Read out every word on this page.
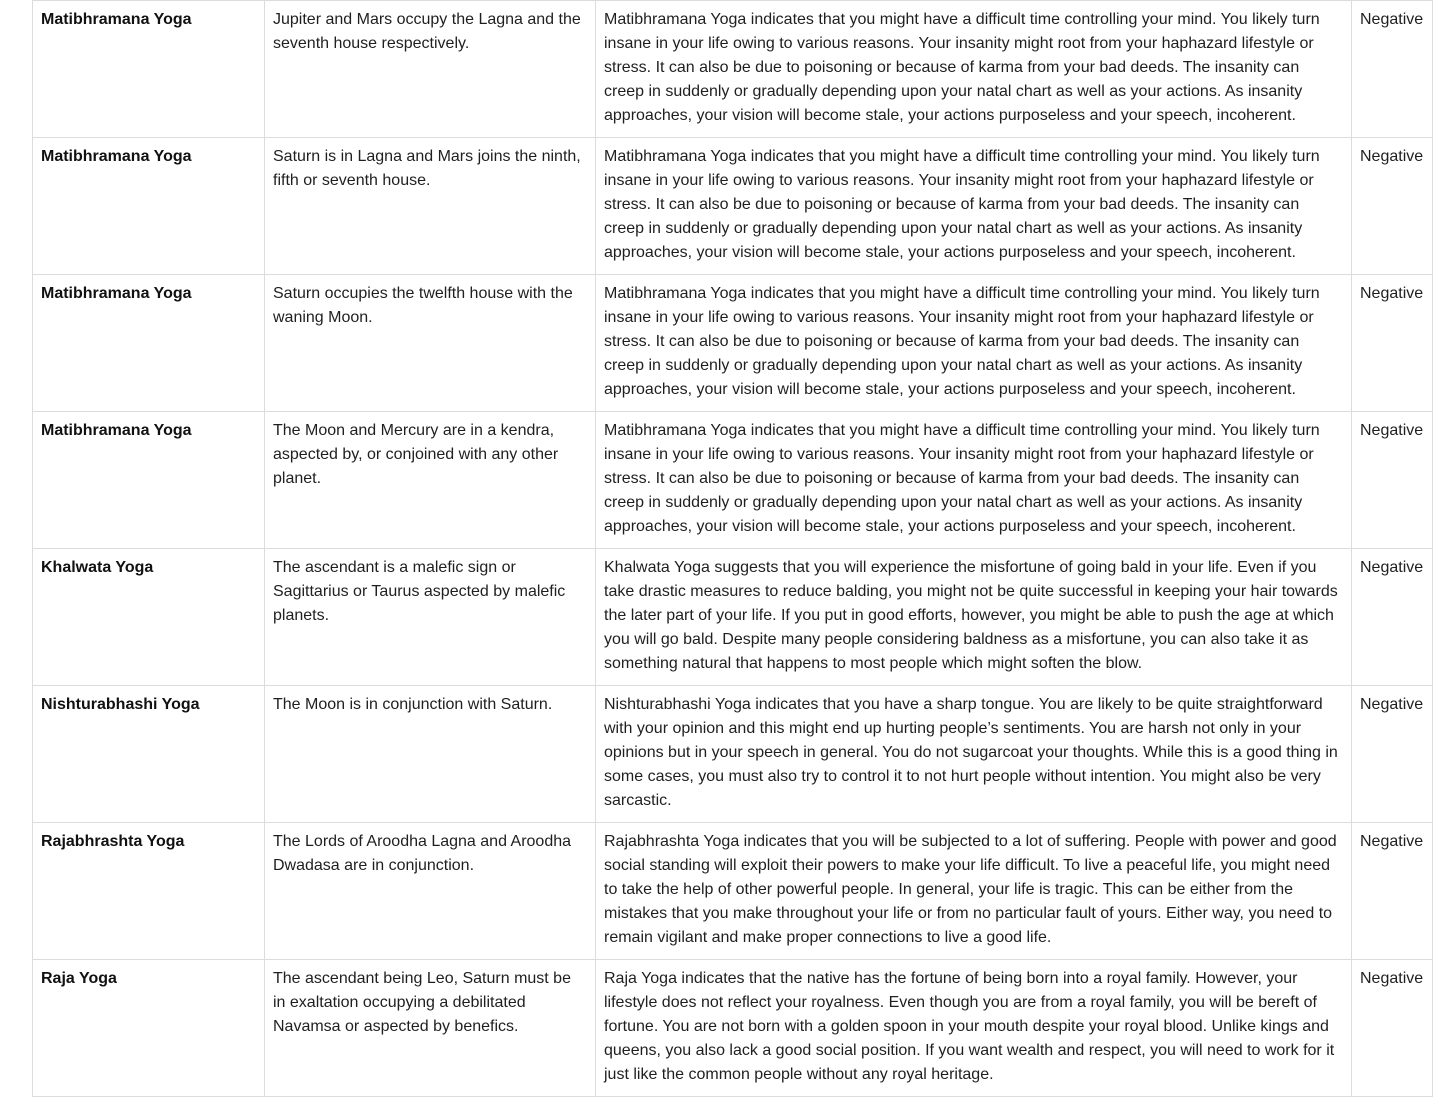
Matibhramana Yoga	Jupiter and Mars occupy the Lagna and the seventh house respectively.	Matibhramana Yoga indicates that you might have a difficult time controlling your mind. You likely turn insane in your life owing to various reasons. Your insanity might root from your haphazard lifestyle or stress. It can also be due to poisoning or because of karma from your bad deeds. The insanity can creep in suddenly or gradually depending upon your natal chart as well as your actions. As insanity approaches, your vision will become stale, your actions purposeless and your speech, incoherent.	Negative
Matibhramana Yoga	Saturn is in Lagna and Mars joins the ninth, fifth or seventh house.	Matibhramana Yoga indicates that you might have a difficult time controlling your mind. You likely turn insane in your life owing to various reasons. Your insanity might root from your haphazard lifestyle or stress. It can also be due to poisoning or because of karma from your bad deeds. The insanity can creep in suddenly or gradually depending upon your natal chart as well as your actions. As insanity approaches, your vision will become stale, your actions purposeless and your speech, incoherent.	Negative
Matibhramana Yoga	Saturn occupies the twelfth house with the waning Moon.	Matibhramana Yoga indicates that you might have a difficult time controlling your mind. You likely turn insane in your life owing to various reasons. Your insanity might root from your haphazard lifestyle or stress. It can also be due to poisoning or because of karma from your bad deeds. The insanity can creep in suddenly or gradually depending upon your natal chart as well as your actions. As insanity approaches, your vision will become stale, your actions purposeless and your speech, incoherent.	Negative
Matibhramana Yoga	The Moon and Mercury are in a kendra, aspected by, or conjoined with any other planet.	Matibhramana Yoga indicates that you might have a difficult time controlling your mind. You likely turn insane in your life owing to various reasons. Your insanity might root from your haphazard lifestyle or stress. It can also be due to poisoning or because of karma from your bad deeds. The insanity can creep in suddenly or gradually depending upon your natal chart as well as your actions. As insanity approaches, your vision will become stale, your actions purposeless and your speech, incoherent.	Negative
Khalwata Yoga	The ascendant is a malefic sign or Sagittarius or Taurus aspected by malefic planets.	Khalwata Yoga suggests that you will experience the misfortune of going bald in your life. Even if you take drastic measures to reduce balding, you might not be quite successful in keeping your hair towards the later part of your life. If you put in good efforts, however, you might be able to push the age at which you will go bald. Despite many people considering baldness as a misfortune, you can also take it as something natural that happens to most people which might soften the blow.	Negative
Nishturabhashi Yoga	The Moon is in conjunction with Saturn.	Nishturabhashi Yoga indicates that you have a sharp tongue. You are likely to be quite straightforward with your opinion and this might end up hurting people’s sentiments. You are harsh not only in your opinions but in your speech in general. You do not sugarcoat your thoughts. While this is a good thing in some cases, you must also try to control it to not hurt people without intention. You might also be very sarcastic.	Negative
Rajabhrashta Yoga	The Lords of Aroodha Lagna and Aroodha Dwadasa are in conjunction.	Rajabhrashta Yoga indicates that you will be subjected to a lot of suffering. People with power and good social standing will exploit their powers to make your life difficult. To live a peaceful life, you might need to take the help of other powerful people. In general, your life is tragic. This can be either from the mistakes that you make throughout your life or from no particular fault of yours. Either way, you need to remain vigilant and make proper connections to live a good life.	Negative
Raja Yoga	The ascendant being Leo, Saturn must be in exaltation occupying a debilitated Navamsa or aspected by benefics.	Raja Yoga indicates that the native has the fortune of being born into a royal family. However, your lifestyle does not reflect your royalness. Even though you are from a royal family, you will be bereft of fortune. You are not born with a golden spoon in your mouth despite your royal blood. Unlike kings and queens, you also lack a good social position. If you want wealth and respect, you will need to work for it just like the common people without any royal heritage.	Negative
